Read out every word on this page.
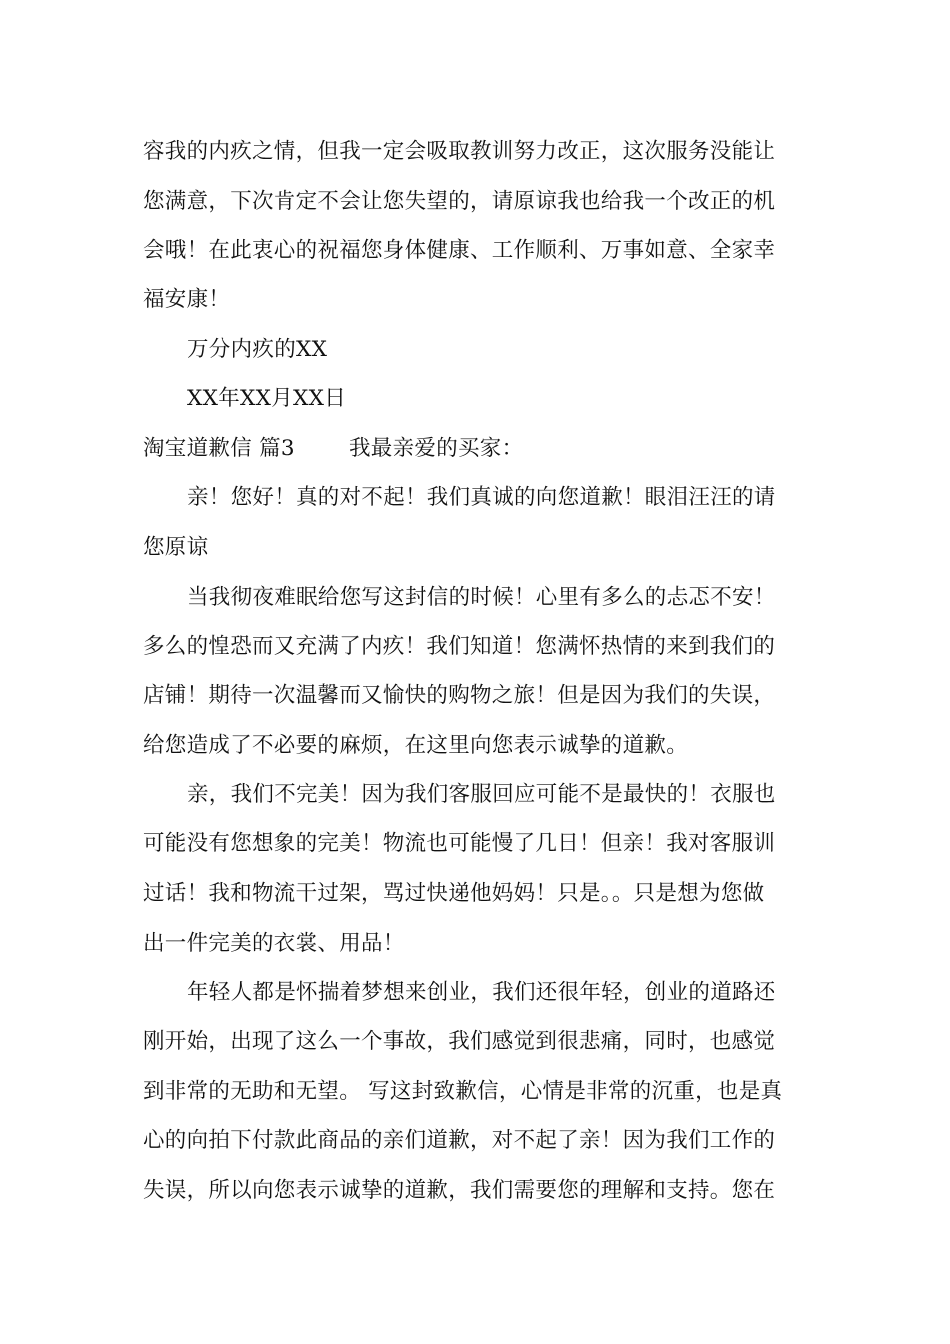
容我的内疚之情，但我一定会吸取教训努力改正，这次服务没能让
您满意，下次肯定不会让您失望的，请原谅我也给我一个改正的机
会哦！在此衷心的祝福您身体健康、工作顺利、万事如意、全家幸
福安康！
万分内疚的XX
XX年XX月XX日
淘宝道歉信 篇3	我最亲爱的买家：
亲！您好！真的对不起！我们真诚的向您道歉！眼泪汪汪的请
您原谅
当我彻夜难眠给您写这封信的时候！心里有多么的忐忑不安！
多么的惶恐而又充满了内疚！我们知道！您满怀热情的来到我们的
店铺！期待一次温馨而又愉快的购物之旅！但是因为我们的失误，
给您造成了不必要的麻烦，在这里向您表示诚挚的道歉。
亲，我们不完美！因为我们客服回应可能不是最快的！衣服也
可能没有您想象的完美！物流也可能慢了几日！但亲！我对客服训
过话！我和物流干过架，骂过快递他妈妈！只是。。只是想为您做
出一件完美的衣裳、用品！
年轻人都是怀揣着梦想来创业，我们还很年轻，创业的道路还
刚开始，出现了这么一个事故，我们感觉到很悲痛，同时，也感觉
到非常的无助和无望。 写这封致歉信，心情是非常的沉重，也是真
心的向拍下付款此商品的亲们道歉，对不起了亲！因为我们工作的
失误，所以向您表示诚挚的道歉，我们需要您的理解和支持。您在
